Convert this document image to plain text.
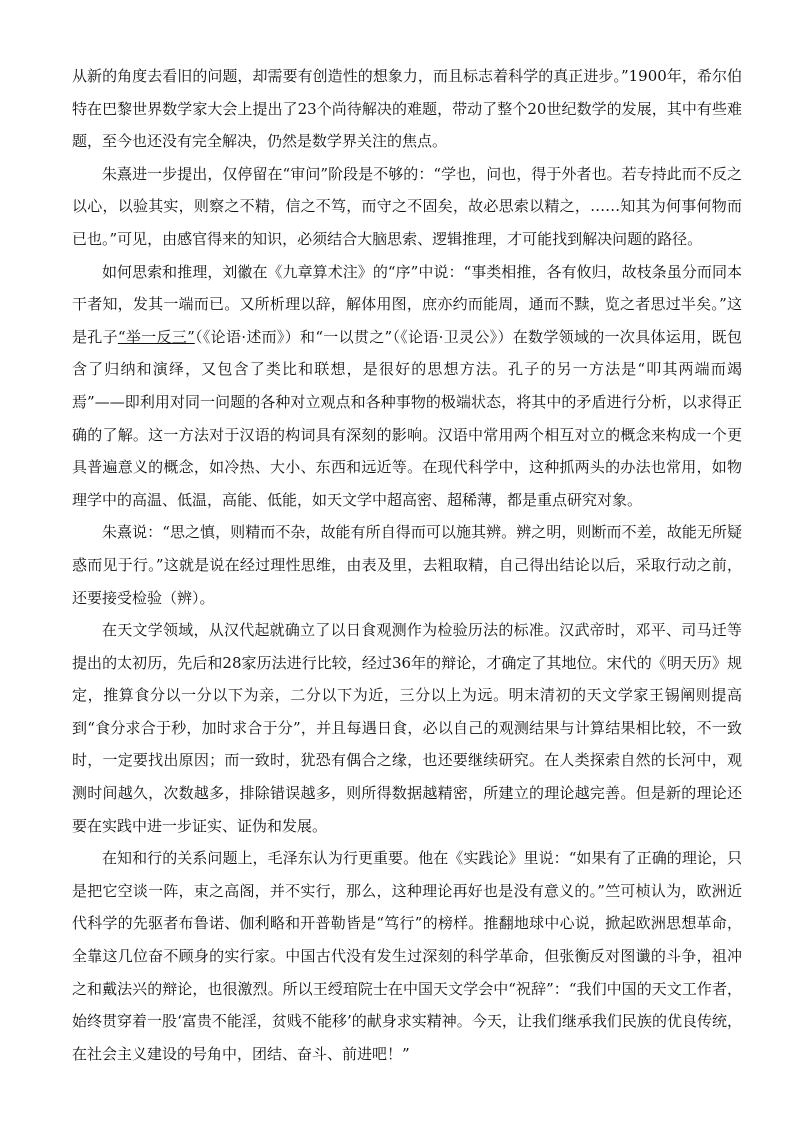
从新的角度去看旧的问题，却需要有创造性的想象力，而且标志着科学的真正进步。”1900年，希尔伯特在巴黎世界数学家大会上提出了23个尚待解决的难题，带动了整个20世纪数学的发展，其中有些难题，至今也还没有完全解决，仍然是数学界关注的焦点。

朱熹进一步提出，仅停留在“审问”阶段是不够的：“学也，问也，得于外者也。若专持此而不反之以心，以验其实，则察之不精，信之不笃，而守之不固矣，故必思索以精之，……知其为何事何物而已也。”可见，由感官得来的知识，必须结合大脑思索、逻辑推理，才可能找到解决问题的路径。

如何思索和推理，刘徽在《九章算术注》的“序”中说：“事类相推，各有攸归，故枝条虽分而同本干者知，发其一端而已。又所析理以辞，解体用图，庶亦约而能周，通而不黩，览之者思过半矣。”这是孔子“举一反三”（《论语·述而》）和“一以贯之”（《论语·卫灵公》）在数学领域的一次具体运用，既包含了归纳和演绎，又包含了类比和联想，是很好的思想方法。孔子的另一方法是“叩其两端而竭焉”——即利用对同一问题的各种对立观点和各种事物的极端状态，将其中的矛盾进行分析，以求得正确的了解。这一方法对于汉语的构词具有深刻的影响。汉语中常用两个相互对立的概念来构成一个更具普遍意义的概念，如冷热、大小、东西和远近等。在现代科学中，这种抓两头的办法也常用，如物理学中的高温、低温，高能、低能，如天文学中超高密、超稀薄，都是重点研究对象。

朱熹说：“思之慎，则精而不杂，故能有所自得而可以施其辨。辨之明，则断而不差，故能无所疑惑而见于行。”这就是说在经过理性思维，由表及里，去粗取精，自己得出结论以后，采取行动之前，还要接受检验（辨）。

在天文学领域，从汉代起就确立了以日食观测作为检验历法的标准。汉武帝时，邓平、司马迁等提出的太初历，先后和28家历法进行比较，经过36年的辩论，才确定了其地位。宋代的《明天历》规定，推算食分以一分以下为亲，二分以下为近，三分以上为远。明末清初的天文学家王锡阐则提高到“食分求合于秒，加时求合于分”，并且每遇日食，必以自己的观测结果与计算结果相比较，不一致时，一定要找出原因；而一致时，犹恐有偶合之缘，也还要继续研究。在人类探索自然的长河中，观测时间越久，次数越多，排除错误越多，则所得数据越精密，所建立的理论越完善。但是新的理论还要在实践中进一步证实、证伪和发展。

在知和行的关系问题上，毛泽东认为行更重要。他在《实践论》里说：“如果有了正确的理论，只是把它空谈一阵，束之高阁，并不实行，那么，这种理论再好也是没有意义的。”竺可桢认为，欧洲近代科学的先驱者布鲁诺、伽利略和开普勒皆是“笃行”的榜样。推翻地球中心说，掀起欧洲思想革命，全靠这几位奋不顾身的实行家。中国古代没有发生过深刻的科学革命，但张衡反对图谶的斗争，祖冲之和戴法兴的辩论，也很激烈。所以王绶琯院士在中国天文学会中“祝辞”：“我们中国的天文工作者，始终贯穿着一股‘富贵不能淫，贫贱不能移’的献身求实精神。今天，让我们继承我们民族的优良传统，在社会主义建设的号角中，团结、奋斗、前进吧！”
